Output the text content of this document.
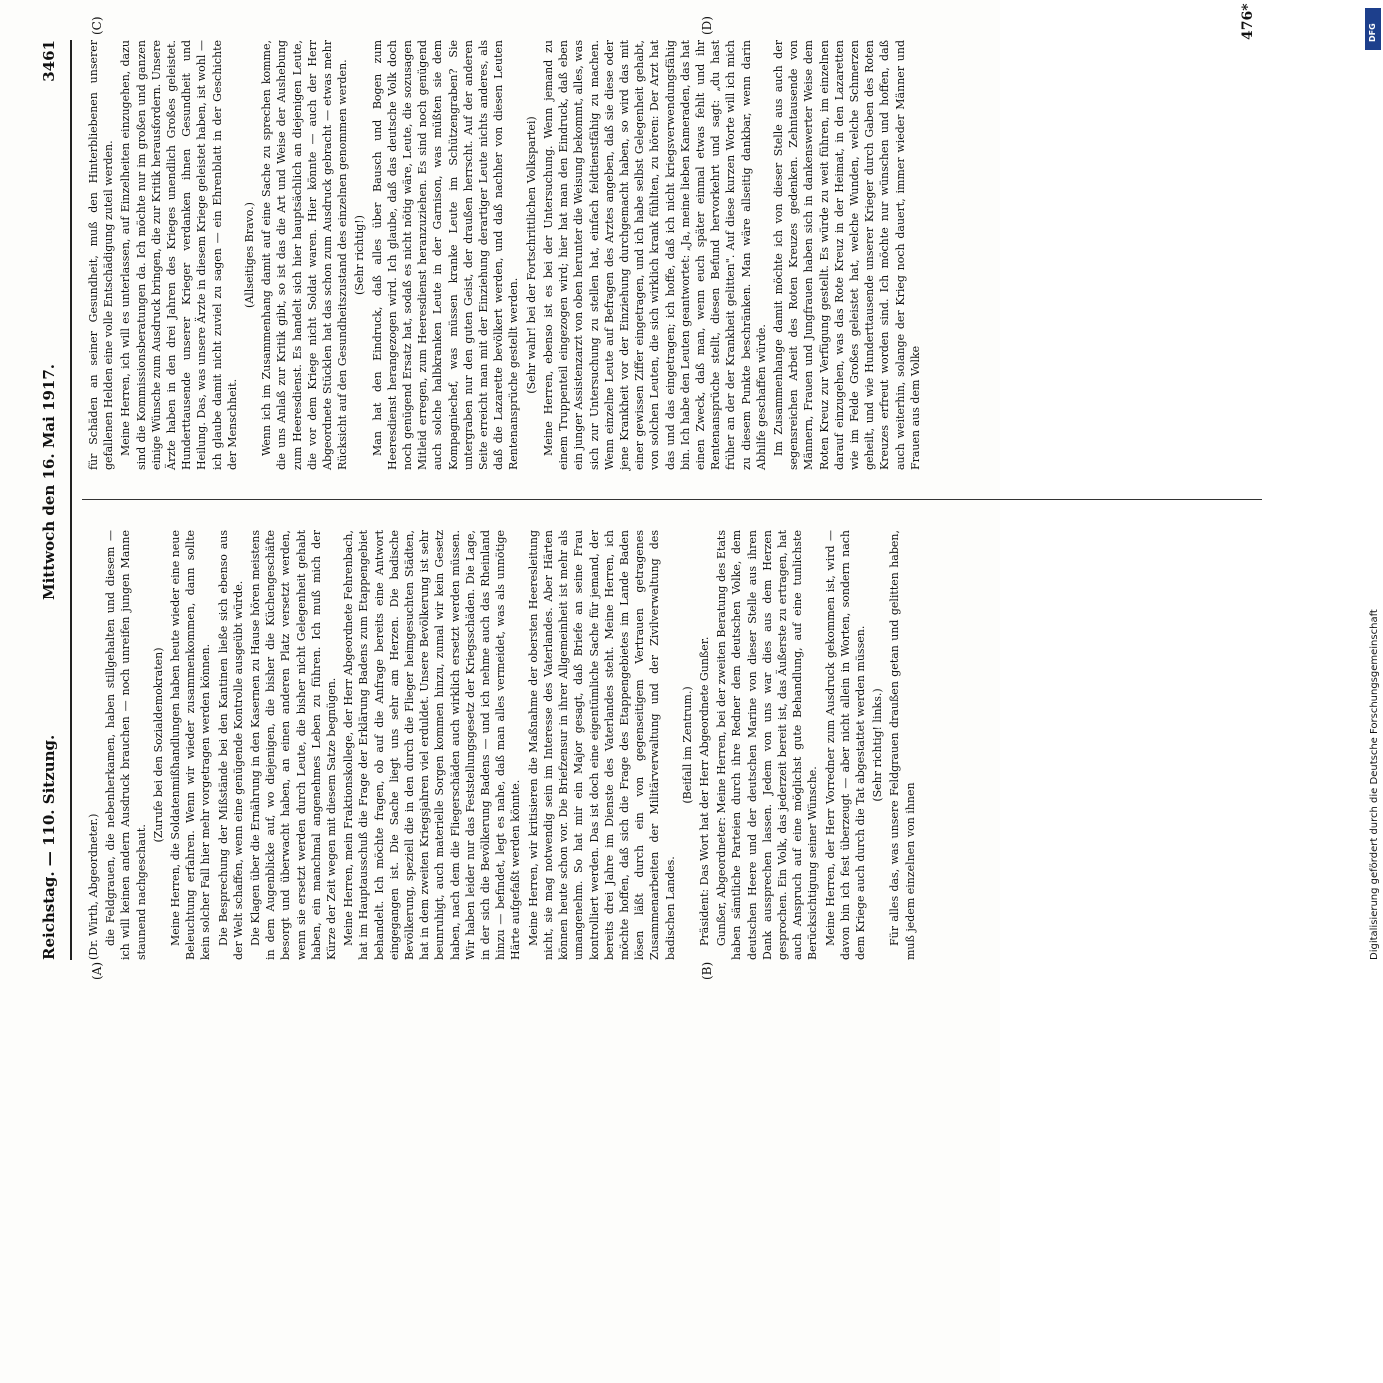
Reichstag. — 110. Sitzung.
Mittwoch den 16. Mai 1917.
3461
(A)	(B)
(C)	(D)

(Dr. Wirth, Abgeordneter.) die Feldgrauen, die nebenherkamen, haben stillgehalten und diesem — ich will keinen andern Ausdruck brauchen — noch unreifen jungen Manne staunend nachgeschaut.

(Zurufe bei den Sozialdemokraten) Meine Herren, die Soldatenmißhandlungen haben heute wieder eine neue Beleuchtung erfahren. Wenn wir wieder zusammenkommen, dann sollte kein solcher Fall hier mehr vorgetragen werden können. Die Besprechung der Mißstände bei den Kantinen ließe sich ebenso aus der Welt schaffen, wenn eine genügende Kontrolle ausgeübt würde. Die Klagen über die Ernährung in den Kasernen zu Hause hören meistens in dem Augenblicke auf, wo diejenigen, die bisher die Küchengeschäfte besorgt und überwacht haben, an einen anderen Platz versetzt werden, wenn sie ersetzt werden durch Leute, die bisher nicht Gelegenheit gehabt haben, ein manchmal angenehmes Leben zu führen. Ich muß mich der Kürze der Zeit wegen mit diesem Satze begnügen. Meine Herren, mein Fraktionskollege, der Herr Abgeordnete Fehrenbach, hat im Hauptausschuß die Frage der Erklärung Badens zum Etappengebiet behandelt. Ich möchte fragen, ob auf die Anfrage bereits eine Antwort eingegangen ist. Die Sache liegt uns sehr am Herzen. Die badische Bevölkerung, speziell die in den durch die Flieger heimgesuchten Städten, hat in dem zweiten Kriegsjahren viel erduldet. Unsere Bevölkerung ist sehr beunruhigt, auch materielle Sorgen kommen hinzu, zumal wir kein Gesetz haben, nach dem die Fliegerschäden auch wirklich ersetzt werden müssen. Wir haben leider nur das Feststellungsgesetz der Kriegsschäden. Die Lage, in der sich die Bevölkerung Badens — und ich nehme auch das Rheinland hinzu — befindet, legt es nahe, daß man alles vermeidet, was als unnötige Härte aufgefaßt werden könnte. Meine Herren, wir kritisieren die Maßnahme der obersten Heeresleitung nicht, sie mag notwendig sein im Interesse des Vaterlandes. Aber Härten können heute schon vor. Die Briefzensur in ihrer Allgemeinheit ist mehr als umangenehm. So hat mir ein Major gesagt, daß Briefe an seine Frau kontrolliert werden. Das ist doch eine eigentümliche Sache für jemand, der bereits drei Jahre im Dienste des Vaterlandes steht. Meine Herren, ich möchte hoffen, daß sich die Frage des Etappengebietes im Lande Baden lösen läßt durch ein von gegenseitigem Vertrauen getragenes Zusammenarbeiten der Militärverwaltung und der Zivilverwaltung des badischen Landes.

(Beifall im Zentrum.) Präsident: Das Wort hat der Herr Abgeordnete Gunßer. Gunßer, Abgeordneter: Meine Herren, bei der zweiten Beratung des Etats haben sämtliche Parteien durch ihre Redner dem deutschen Volke, dem deutschen Heere und der deutschen Marine von dieser Stelle aus ihren Dank aussprechen lassen. Jedem von uns war dies aus dem Herzen gesprochen. Ein Volk, das jederzeit bereit ist, das Äußerste zu ertragen, hat auch Anspruch auf eine möglichst gute Behandlung, auf eine tunlichste Berücksichtigung seiner Wünsche. Meine Herren, der Herr Vorredner zum Ausdruck gekommen ist, wird — davon bin ich fest überzeugt — aber nicht allein in Worten, sondern nach dem Kriege auch durch die Tat abgestattet werden müssen. (Sehr richtig! links.) Für alles das, was unsere Feldgrauen draußen getan und gelitten haben, muß jedem einzelnen von ihnen

für Schäden an seiner Gesundheit, muß den Hinterbliebenen unserer gefallenen Helden eine volle Entschädigung zuteil werden. Meine Herren, ich will es unterlassen, auf Einzelheiten einzugehen, dazu sind die Kommissionsberatungen da. Ich möchte nur im großen und ganzen einige Wünsche zum Ausdruck bringen, die zur Kritik herausfordern. Unsere Ärzte haben in den drei Jahren des Krieges unendlich Großes geleistet. Hunderttausende unserer Krieger verdanken ihnen Gesundheit und Heilung. Das, was unsere Ärzte in diesem Kriege geleistet haben, ist wohl — ich glaube damit nicht zuviel zu sagen — ein Ehrenblatt in der Geschichte der Menschheit.

(Allseitiges Bravo.) Wenn ich im Zusammenhang damit auf eine Sache zu sprechen komme, die uns Anlaß zur Kritik gibt, so ist das die Art und Weise der Aushebung zum Heeresdienst. Es handelt sich hier hauptsächlich an diejenigen Leute, die vor dem Kriege nicht Soldat waren. Hier könnte — auch der Herr Abgeordnete Stücklen hat das schon zum Ausdruck gebracht — etwas mehr Rücksicht auf den Gesundheitszustand des einzelnen genommen werden. (Sehr richtig!) Man hat den Eindruck, daß alles über Bausch und Bogen zum Heeresdienst herangezogen wird. Ich glaube, daß das deutsche Volk doch noch genügend Ersatz hat, sodaß es nicht nötig wäre, Leute, die sozusagen Mitleid erregen, zum Heeresdienst heranzuziehen. Es sind noch genügend auch solche halbkranken Leute in der Garnison, was müßten sie dem Kompagniechef, was müssen kranke Leute im Schützengraben? Sie untergraben nur den guten Geist, der draußen herrscht. Auf der anderen Seite erreicht man mit der Einziehung derartiger Leute nichts anderes, als daß die Lazarette bevölkert werden, und daß nachher von diesen Leuten Rentenansprüche gestellt werden. (Sehr wahr! bei der Fortschrittlichen Volkspartei) Meine Herren, ebenso ist es bei der Untersuchung. Wenn jemand zu einem Truppenteil eingezogen wird; hier hat man den Eindruck, daß eben ein junger Assistenzarzt von oben herunter die Weisung bekommt, alles, was sich zur Untersuchung zu stellen hat, einfach feldtienstfähig zu machen. Wenn einzelne Leute auf Befragen des Arztes angeben, daß sie diese oder jene Krankheit vor der Einziehung durchgemacht haben, so wird das mit einer gewissen Ziffer eingetragen, und ich habe selbst Gelegenheit gehabt, von solchen Leuten, die sich wirklich krank fühlten, zu hören: Der Arzt hat das und das eingetragen; ich hoffe, daß ich nicht kriegsverwendungsfähig bin. Ich habe den Leuten geantwortet: „Ja, meine lieben Kameraden, das hat einen Zweck, daß man, wenn euch später einmal etwas fehlt und ihr Rentenansprüche stellt, diesen Befund hervorkehrt und sagt: „du hast früher an der der Krankheit gelitten". Auf diese kurzen Worte will ich mich zu diesem Punkte beschränken. Man wäre allseitig dankbar, wenn darin Abhilfe geschaffen würde. Im Zusammenhange damit möchte ich von dieser Stelle aus auch der segensreichen Arbeit des Roten Kreuzes gedenken. Zehntausende von Männern, Frauen und Jungfrauen haben sich in dankenswerter Weise dem Roten Kreuz zur Verfügung gestellt. Es würde zu weit führen, im einzelnen darauf einzugehen, was das Rote Kreuz in der Heimat, in den Lazaretten wie im Felde Großes geleistet hat, welche Wunden, welche Schmerzen geheilt, und wie Hunderttausende unserer Krieger durch Gaben des Roten Kreuzes erfreut worden sind. Ich möchte nur wünschen und hoffen, daß auch weiterhin, solange der Krieg noch dauert, immer wieder Männer und Frauen aus dem Volke

476*	DFG
Digitalisierung gefördert durch die Deutsche Forschungsgemeinschaft
